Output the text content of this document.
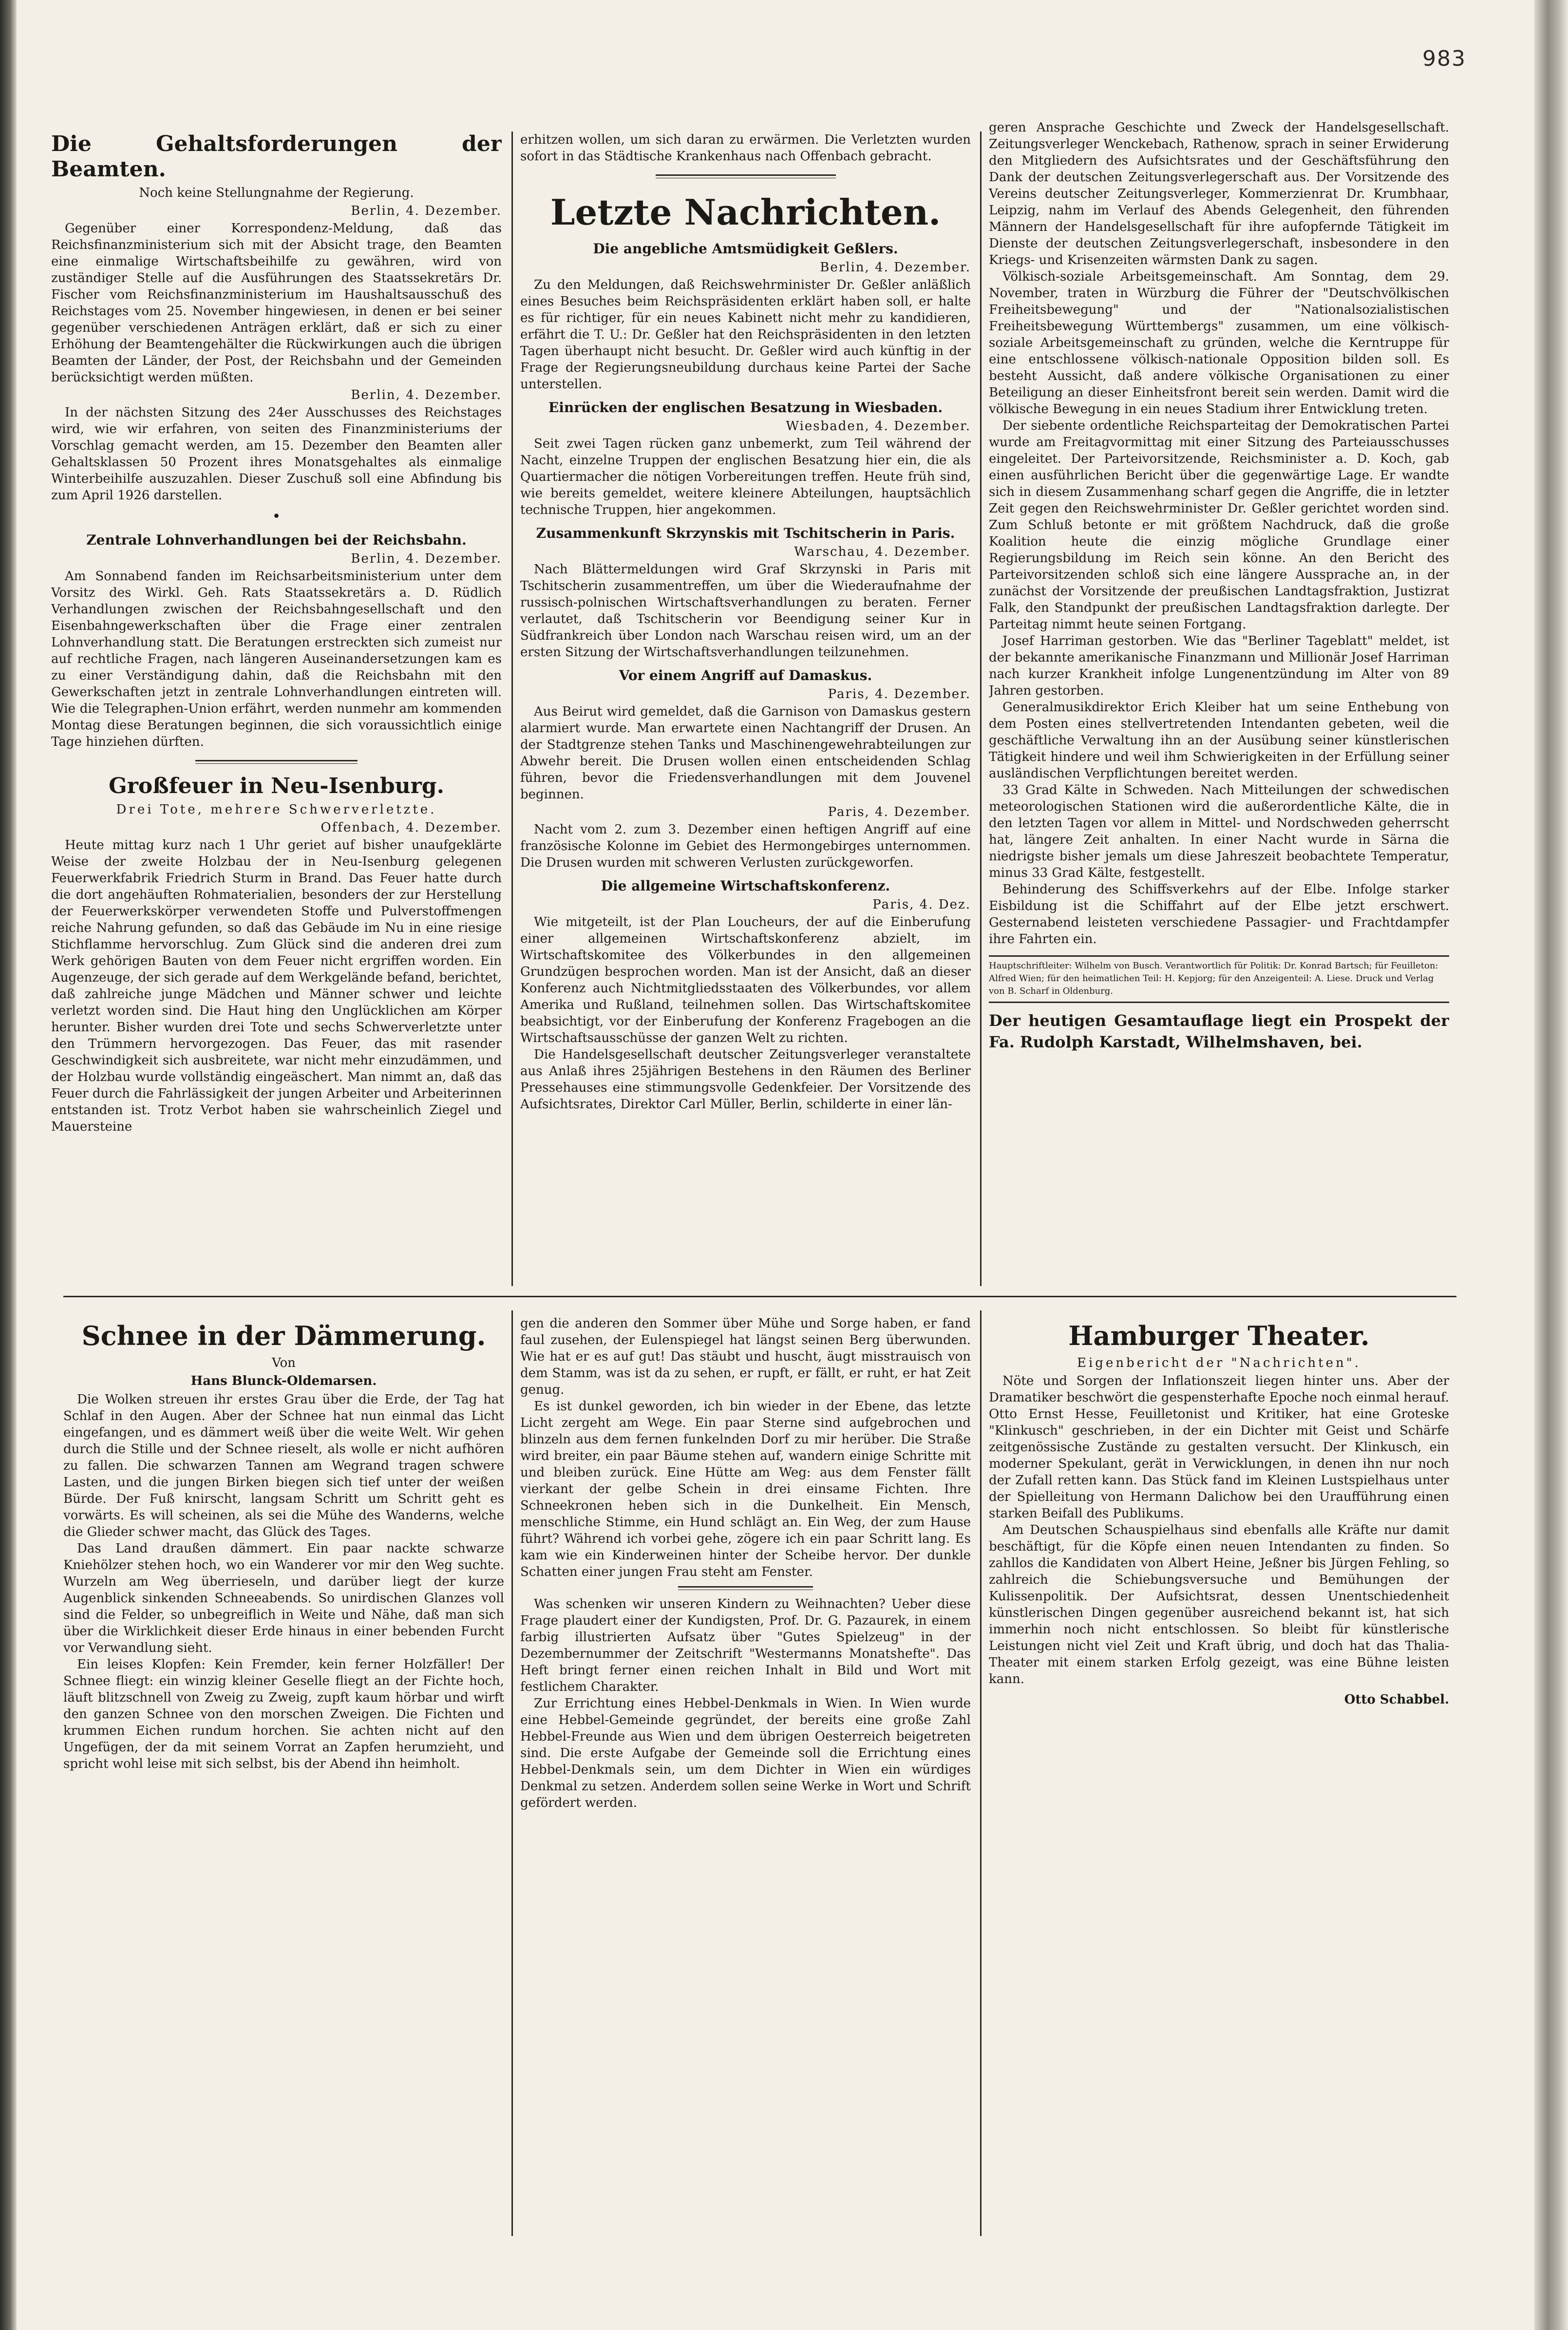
983
Die Gehaltsforderungen der Beamten.
Noch keine Stellungnahme der Regierung.
Berlin, 4. Dezember.

Gegenüber einer Korrespondenz-Meldung, daß das Reichsfinanzministerium sich mit der Absicht trage, den Beamten eine einmalige Wirtschaftsbeihilfe zu gewähren, wird von zuständiger Stelle auf die Ausführungen des Staatssekretärs Dr. Fischer vom Reichsfinanzministerium im Haushaltsausschuß des Reichstages vom 25. November hingewiesen, in denen er bei seiner gegenüber verschiedenen Anträgen erklärt, daß er sich zu einer Erhöhung der Beamtengehälter die Rückwirkungen auch die übrigen Beamten der Länder, der Post, der Reichsbahn und der Gemeinden berücksichtigt werden müßten.

Berlin, 4. Dezember.

In der nächsten Sitzung des 24er Ausschusses des Reichstages wird, wie wir erfahren, von seiten des Finanzministeriums der Vorschlag gemacht werden, am 15. Dezember den Beamten aller Gehaltsklassen 50 Prozent ihres Monatsgehaltes als einmalige Winterbeihilfe auszuzahlen. Dieser Zuschuß soll eine Abfindung bis zum April 1926 darstellen.

•
Zentrale Lohnverhandlungen bei der Reichsbahn.
Berlin, 4. Dezember.

Am Sonnabend fanden im Reichsarbeitsministerium unter dem Vorsitz des Wirkl. Geh. Rats Staatssekretärs a. D. Rüdlich Verhandlungen zwischen der Reichsbahngesellschaft und den Eisenbahngewerkschaften über die Frage einer zentralen Lohnverhandlung statt. Die Beratungen erstreckten sich zumeist nur auf rechtliche Fragen, nach längeren Auseinandersetzungen kam es zu einer Verständigung dahin, daß die Reichsbahn mit den Gewerkschaften jetzt in zentrale Lohnverhandlungen eintreten will. Wie die Telegraphen-Union erfährt, werden nunmehr am kommenden Montag diese Beratungen beginnen, die sich voraussichtlich einige Tage hinziehen dürften.

Großfeuer in Neu-Isenburg.
Drei Tote, mehrere Schwerverletzte.
Offenbach, 4. Dezember.

Heute mittag kurz nach 1 Uhr geriet auf bisher unaufgeklärte Weise der zweite Holzbau der in Neu-Isenburg gelegenen Feuerwerkfabrik Friedrich Sturm in Brand. Das Feuer hatte durch die dort angehäuften Rohmaterialien, besonders der zur Herstellung der Feuerwerkskörper verwendeten Stoffe und Pulverstoffmengen reiche Nahrung gefunden, so daß das Gebäude im Nu in eine riesige Stichflamme hervorschlug. Zum Glück sind die anderen drei zum Werk gehörigen Bauten von dem Feuer nicht ergriffen worden. Ein Augenzeuge, der sich gerade auf dem Werkgelände befand, berichtet, daß zahlreiche junge Mädchen und Männer schwer und leichte verletzt worden sind. Die Haut hing den Unglücklichen am Körper herunter. Bisher wurden drei Tote und sechs Schwerverletzte unter den Trümmern hervorgezogen. Das Feuer, das mit rasender Geschwindigkeit sich ausbreitete, war nicht mehr einzudämmen, und der Holzbau wurde vollständig eingeäschert. Man nimmt an, daß das Feuer durch die Fahrlässigkeit der jungen Arbeiter und Arbeiterinnen entstanden ist. Trotz Verbot haben sie wahrscheinlich Ziegel und Mauersteine

erhitzen wollen, um sich daran zu erwärmen. Die Verletzten wurden sofort in das Städtische Krankenhaus nach Offenbach gebracht.

Letzte Nachrichten.
Die angebliche Amtsmüdigkeit Geßlers.
Berlin, 4. Dezember.

Zu den Meldungen, daß Reichswehrminister Dr. Geßler anläßlich eines Besuches beim Reichspräsidenten erklärt haben soll, er halte es für richtiger, für ein neues Kabinett nicht mehr zu kandidieren, erfährt die T. U.: Dr. Geßler hat den Reichspräsidenten in den letzten Tagen überhaupt nicht besucht. Dr. Geßler wird auch künftig in der Frage der Regierungsneubildung durchaus keine Partei der Sache unterstellen.

Einrücken der englischen Besatzung in Wiesbaden.
Wiesbaden, 4. Dezember.

Seit zwei Tagen rücken ganz unbemerkt, zum Teil während der Nacht, einzelne Truppen der englischen Besatzung hier ein, die als Quartiermacher die nötigen Vorbereitungen treffen. Heute früh sind, wie bereits gemeldet, weitere kleinere Abteilungen, hauptsächlich technische Truppen, hier angekommen.

Zusammenkunft Skrzynskis mit Tschitscherin in Paris.
Warschau, 4. Dezember.

Nach Blättermeldungen wird Graf Skrzynski in Paris mit Tschitscherin zusammentreffen, um über die Wiederaufnahme der russisch-polnischen Wirtschaftsverhandlungen zu beraten. Ferner verlautet, daß Tschitscherin vor Beendigung seiner Kur in Südfrankreich über London nach Warschau reisen wird, um an der ersten Sitzung der Wirtschaftsverhandlungen teilzunehmen.

Vor einem Angriff auf Damaskus.
Paris, 4. Dezember.

Aus Beirut wird gemeldet, daß die Garnison von Damaskus gestern alarmiert wurde. Man erwartete einen Nachtangriff der Drusen. An der Stadtgrenze stehen Tanks und Maschinengewehrabteilungen zur Abwehr bereit. Die Drusen wollen einen entscheidenden Schlag führen, bevor die Friedensverhandlungen mit dem Jouvenel beginnen.

Paris, 4. Dezember.

Nacht vom 2. zum 3. Dezember einen heftigen Angriff auf eine französische Kolonne im Gebiet des Hermongebirges unternommen. Die Drusen wurden mit schweren Verlusten zurückgeworfen.

Die allgemeine Wirtschaftskonferenz.
Paris, 4. Dez.

Wie mitgeteilt, ist der Plan Loucheurs, der auf die Einberufung einer allgemeinen Wirtschaftskonferenz abzielt, im Wirtschaftskomitee des Völkerbundes in den allgemeinen Grundzügen besprochen worden. Man ist der Ansicht, daß an dieser Konferenz auch Nichtmitgliedsstaaten des Völkerbundes, vor allem Amerika und Rußland, teilnehmen sollen. Das Wirtschaftskomitee beabsichtigt, vor der Einberufung der Konferenz Fragebogen an die Wirtschaftsausschüsse der ganzen Welt zu richten.

Die Handelsgesellschaft deutscher Zeitungsverleger veranstaltete aus Anlaß ihres 25jährigen Bestehens in den Räumen des Berliner Pressehauses eine stimmungsvolle Gedenkfeier. Der Vorsitzende des Aufsichtsrates, Direktor Carl Müller, Berlin, schilderte in einer län-

geren Ansprache Geschichte und Zweck der Handelsgesellschaft. Zeitungsverleger Wenckebach, Rathenow, sprach in seiner Erwiderung den Mitgliedern des Aufsichtsrates und der Geschäftsführung den Dank der deutschen Zeitungsverlegerschaft aus. Der Vorsitzende des Vereins deutscher Zeitungsverleger, Kommerzienrat Dr. Krumbhaar, Leipzig, nahm im Verlauf des Abends Gelegenheit, den führenden Männern der Handelsgesellschaft für ihre aufopfernde Tätigkeit im Dienste der deutschen Zeitungsverlegerschaft, insbesondere in den Kriegs- und Krisenzeiten wärmsten Dank zu sagen.

Völkisch-soziale Arbeitsgemeinschaft. Am Sonntag, dem 29. November, traten in Würzburg die Führer der "Deutschvölkischen Freiheitsbewegung" und der "Nationalsozialistischen Freiheitsbewegung Württembergs" zusammen, um eine völkisch-soziale Arbeitsgemeinschaft zu gründen, welche die Kerntruppe für eine entschlossene völkisch-nationale Opposition bilden soll. Es besteht Aussicht, daß andere völkische Organisationen zu einer Beteiligung an dieser Einheitsfront bereit sein werden. Damit wird die völkische Bewegung in ein neues Stadium ihrer Entwicklung treten.

Der siebente ordentliche Reichsparteitag der Demokratischen Partei wurde am Freitagvormittag mit einer Sitzung des Parteiausschusses eingeleitet. Der Parteivorsitzende, Reichsminister a. D. Koch, gab einen ausführlichen Bericht über die gegenwärtige Lage. Er wandte sich in diesem Zusammenhang scharf gegen die Angriffe, die in letzter Zeit gegen den Reichswehrminister Dr. Geßler gerichtet worden sind. Zum Schluß betonte er mit größtem Nachdruck, daß die große Koalition heute die einzig mögliche Grundlage einer Regierungsbildung im Reich sein könne. An den Bericht des Parteivorsitzenden schloß sich eine längere Aussprache an, in der zunächst der Vorsitzende der preußischen Landtagsfraktion, Justizrat Falk, den Standpunkt der preußischen Landtagsfraktion darlegte. Der Parteitag nimmt heute seinen Fortgang.

Josef Harriman gestorben. Wie das "Berliner Tageblatt" meldet, ist der bekannte amerikanische Finanzmann und Millionär Josef Harriman nach kurzer Krankheit infolge Lungenentzündung im Alter von 89 Jahren gestorben.

Generalmusikdirektor Erich Kleiber hat um seine Enthebung von dem Posten eines stellvertretenden Intendanten gebeten, weil die geschäftliche Verwaltung ihn an der Ausübung seiner künstlerischen Tätigkeit hindere und weil ihm Schwierigkeiten in der Erfüllung seiner ausländischen Verpflichtungen bereitet werden.

33 Grad Kälte in Schweden. Nach Mitteilungen der schwedischen meteorologischen Stationen wird die außerordentliche Kälte, die in den letzten Tagen vor allem in Mittel- und Nordschweden geherrscht hat, längere Zeit anhalten. In einer Nacht wurde in Särna die niedrigste bisher jemals um diese Jahreszeit beobachtete Temperatur, minus 33 Grad Kälte, festgestellt.

Behinderung des Schiffsverkehrs auf der Elbe. Infolge starker Eisbildung ist die Schiffahrt auf der Elbe jetzt erschwert. Gesternabend leisteten verschiedene Passagier- und Frachtdampfer ihre Fahrten ein.

Hauptschriftleiter: Wilhelm von Busch. Verantwortlich für Politik: Dr. Konrad Bartsch; für Feuilleton: Alfred Wien; für den heimatlichen Teil: H. Kepjorg; für den Anzeigenteil: A. Liese. Druck und Verlag von B. Scharf in Oldenburg.
Der heutigen Gesamtauflage liegt ein Prospekt der Fa. Rudolph Karstadt, Wilhelmshaven, bei.
Schnee in der Dämmerung.
Von
Hans Blunck-Oldemarsen.

Die Wolken streuen ihr erstes Grau über die Erde, der Tag hat Schlaf in den Augen. Aber der Schnee hat nun einmal das Licht eingefangen, und es dämmert weiß über die weite Welt. Wir gehen durch die Stille und der Schnee rieselt, als wolle er nicht aufhören zu fallen. Die schwarzen Tannen am Wegrand tragen schwere Lasten, und die jungen Birken biegen sich tief unter der weißen Bürde. Der Fuß knirscht, langsam Schritt um Schritt geht es vorwärts. Es will scheinen, als sei die Mühe des Wanderns, welche die Glieder schwer macht, das Glück des Tages.

Das Land draußen dämmert. Ein paar nackte schwarze Kniehölzer stehen hoch, wo ein Wanderer vor mir den Weg suchte. Wurzeln am Weg überrieseln, und darüber liegt der kurze Augenblick sinkenden Schneeabends. So unirdischen Glanzes voll sind die Felder, so unbegreiflich in Weite und Nähe, daß man sich über die Wirklichkeit dieser Erde hinaus in einer bebenden Furcht vor Verwandlung sieht.

Ein leises Klopfen: Kein Fremder, kein ferner Holzfäller! Der Schnee fliegt: ein winzig kleiner Geselle fliegt an der Fichte hoch, läuft blitzschnell von Zweig zu Zweig, zupft kaum hörbar und wirft den ganzen Schnee von den morschen Zweigen. Die Fichten und krummen Eichen rundum horchen. Sie achten nicht auf den Ungefügen, der da mit seinem Vorrat an Zapfen herumzieht, und spricht wohl leise mit sich selbst, bis der Abend ihn heimholt.

gen die anderen den Sommer über Mühe und Sorge haben, er fand faul zusehen, der Eulenspiegel hat längst seinen Berg überwunden. Wie hat er es auf gut! Das stäubt und huscht, äugt misstrauisch von dem Stamm, was ist da zu sehen, er rupft, er fällt, er ruht, er hat Zeit genug.

Es ist dunkel geworden, ich bin wieder in der Ebene, das letzte Licht zergeht am Wege. Ein paar Sterne sind aufgebrochen und blinzeln aus dem fernen funkelnden Dorf zu mir herüber. Die Straße wird breiter, ein paar Bäume stehen auf, wandern einige Schritte mit und bleiben zurück. Eine Hütte am Weg: aus dem Fenster fällt vierkant der gelbe Schein in drei einsame Fichten. Ihre Schneekronen heben sich in die Dunkelheit. Ein Mensch, menschliche Stimme, ein Hund schlägt an. Ein Weg, der zum Hause führt? Während ich vorbei gehe, zögere ich ein paar Schritt lang. Es kam wie ein Kinderweinen hinter der Scheibe hervor. Der dunkle Schatten einer jungen Frau steht am Fenster.

Was schenken wir unseren Kindern zu Weihnachten? Ueber diese Frage plaudert einer der Kundigsten, Prof. Dr. G. Pazaurek, in einem farbig illustrierten Aufsatz über "Gutes Spielzeug" in der Dezembernummer der Zeitschrift "Westermanns Monatshefte". Das Heft bringt ferner einen reichen Inhalt in Bild und Wort mit festlichem Charakter.

Zur Errichtung eines Hebbel-Denkmals in Wien. In Wien wurde eine Hebbel-Gemeinde gegründet, der bereits eine große Zahl Hebbel-Freunde aus Wien und dem übrigen Oesterreich beigetreten sind. Die erste Aufgabe der Gemeinde soll die Errichtung eines Hebbel-Denkmals sein, um dem Dichter in Wien ein würdiges Denkmal zu setzen. Anderdem sollen seine Werke in Wort und Schrift gefördert werden.

Hamburger Theater.
Eigenbericht der "Nachrichten".

Nöte und Sorgen der Inflationszeit liegen hinter uns. Aber der Dramatiker beschwört die gespensterhafte Epoche noch einmal herauf. Otto Ernst Hesse, Feuilletonist und Kritiker, hat eine Groteske "Klinkusch" geschrieben, in der ein Dichter mit Geist und Schärfe zeitgenössische Zustände zu gestalten versucht. Der Klinkusch, ein moderner Spekulant, gerät in Verwicklungen, in denen ihn nur noch der Zufall retten kann. Das Stück fand im Kleinen Lustspielhaus unter der Spielleitung von Hermann Dalichow bei den Uraufführung einen starken Beifall des Publikums.

Am Deutschen Schauspielhaus sind ebenfalls alle Kräfte nur damit beschäftigt, für die Köpfe einen neuen Intendanten zu finden. So zahllos die Kandidaten von Albert Heine, Jeßner bis Jürgen Fehling, so zahlreich die Schiebungsversuche und Bemühungen der Kulissenpolitik. Der Aufsichtsrat, dessen Unentschiedenheit künstlerischen Dingen gegenüber ausreichend bekannt ist, hat sich immerhin noch nicht entschlossen. So bleibt für künstlerische Leistungen nicht viel Zeit und Kraft übrig, und doch hat das Thalia-Theater mit einem starken Erfolg gezeigt, was eine Bühne leisten kann.

Otto Schabbel.
